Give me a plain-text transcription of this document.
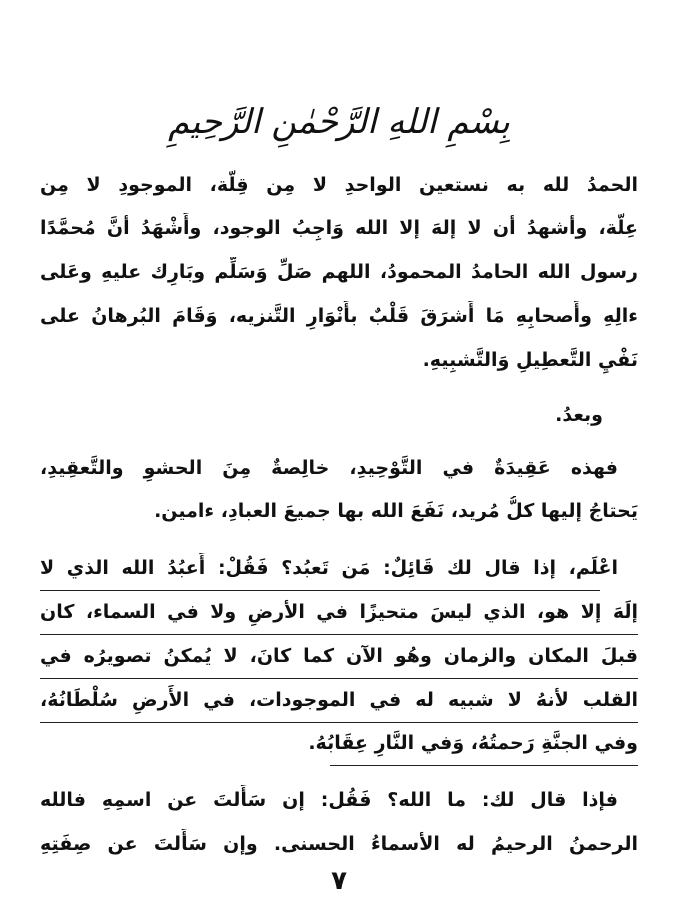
بِسْمِ اللهِ الرَّحْمٰنِ الرَّحِيمِ

الحمدُ لله به نستعين الواحدِ لا مِن قِلَّة، الموجودِ لا مِن

عِلَّة، وأشهدُ أن لا إلهَ إلا الله وَاجِبُ الوجود، وأَشْهَدُ أنَّ مُحمَّدًا

رسول الله الحامدُ المحمودُ، اللهم صَلِّ وَسَلِّم وبَارِك عليهِ وعَلى

ءالِهِ وأَصحابِهِ مَا أَشرَقَ قَلْبٌ بأَنْوَارِ التَّنزيه، وَقَامَ البُرهانُ على

نَفْيِ التَّعطِيلِ وَالتَّشبِيهِ.

وبعدُ.

فهذه عَقِيدَةٌ في التَّوْحِيدِ، خالِصةٌ مِنَ الحشوِ والتَّعقِيدِ،

يَحتاجُ إليها كلُّ مُريد، نَفَعَ الله بها جميعَ العبادِ، ءامين.

اعْلَم، إذا قال لك قَائِلٌ: مَن تَعبُد؟ فَقُلْ: أَعبُدُ الله الذي لا

إلَهَ إلا هو، الذي ليسَ متحيزًا في الأرضِ ولا في السماء، كان

قبلَ المكان والزمان وهُو الآن كما كانَ، لا يُمكنُ تصويرُه في

القلب لأنهُ لا شبيه له في الموجودات، في الأَرضِ سُلْطَانُهُ،

وفي الجنَّةِ رَحمتُهُ، وَفي النَّارِ عِقَابُهُ.

فإذا قال لك: ما الله؟ فَقُل: إن سَأَلتَ عن اسمِهِ فالله

الرحمنُ الرحيمُ له الأسماءُ الحسنى. وإن سَأَلتَ عن صِفَتِهِ

٧
